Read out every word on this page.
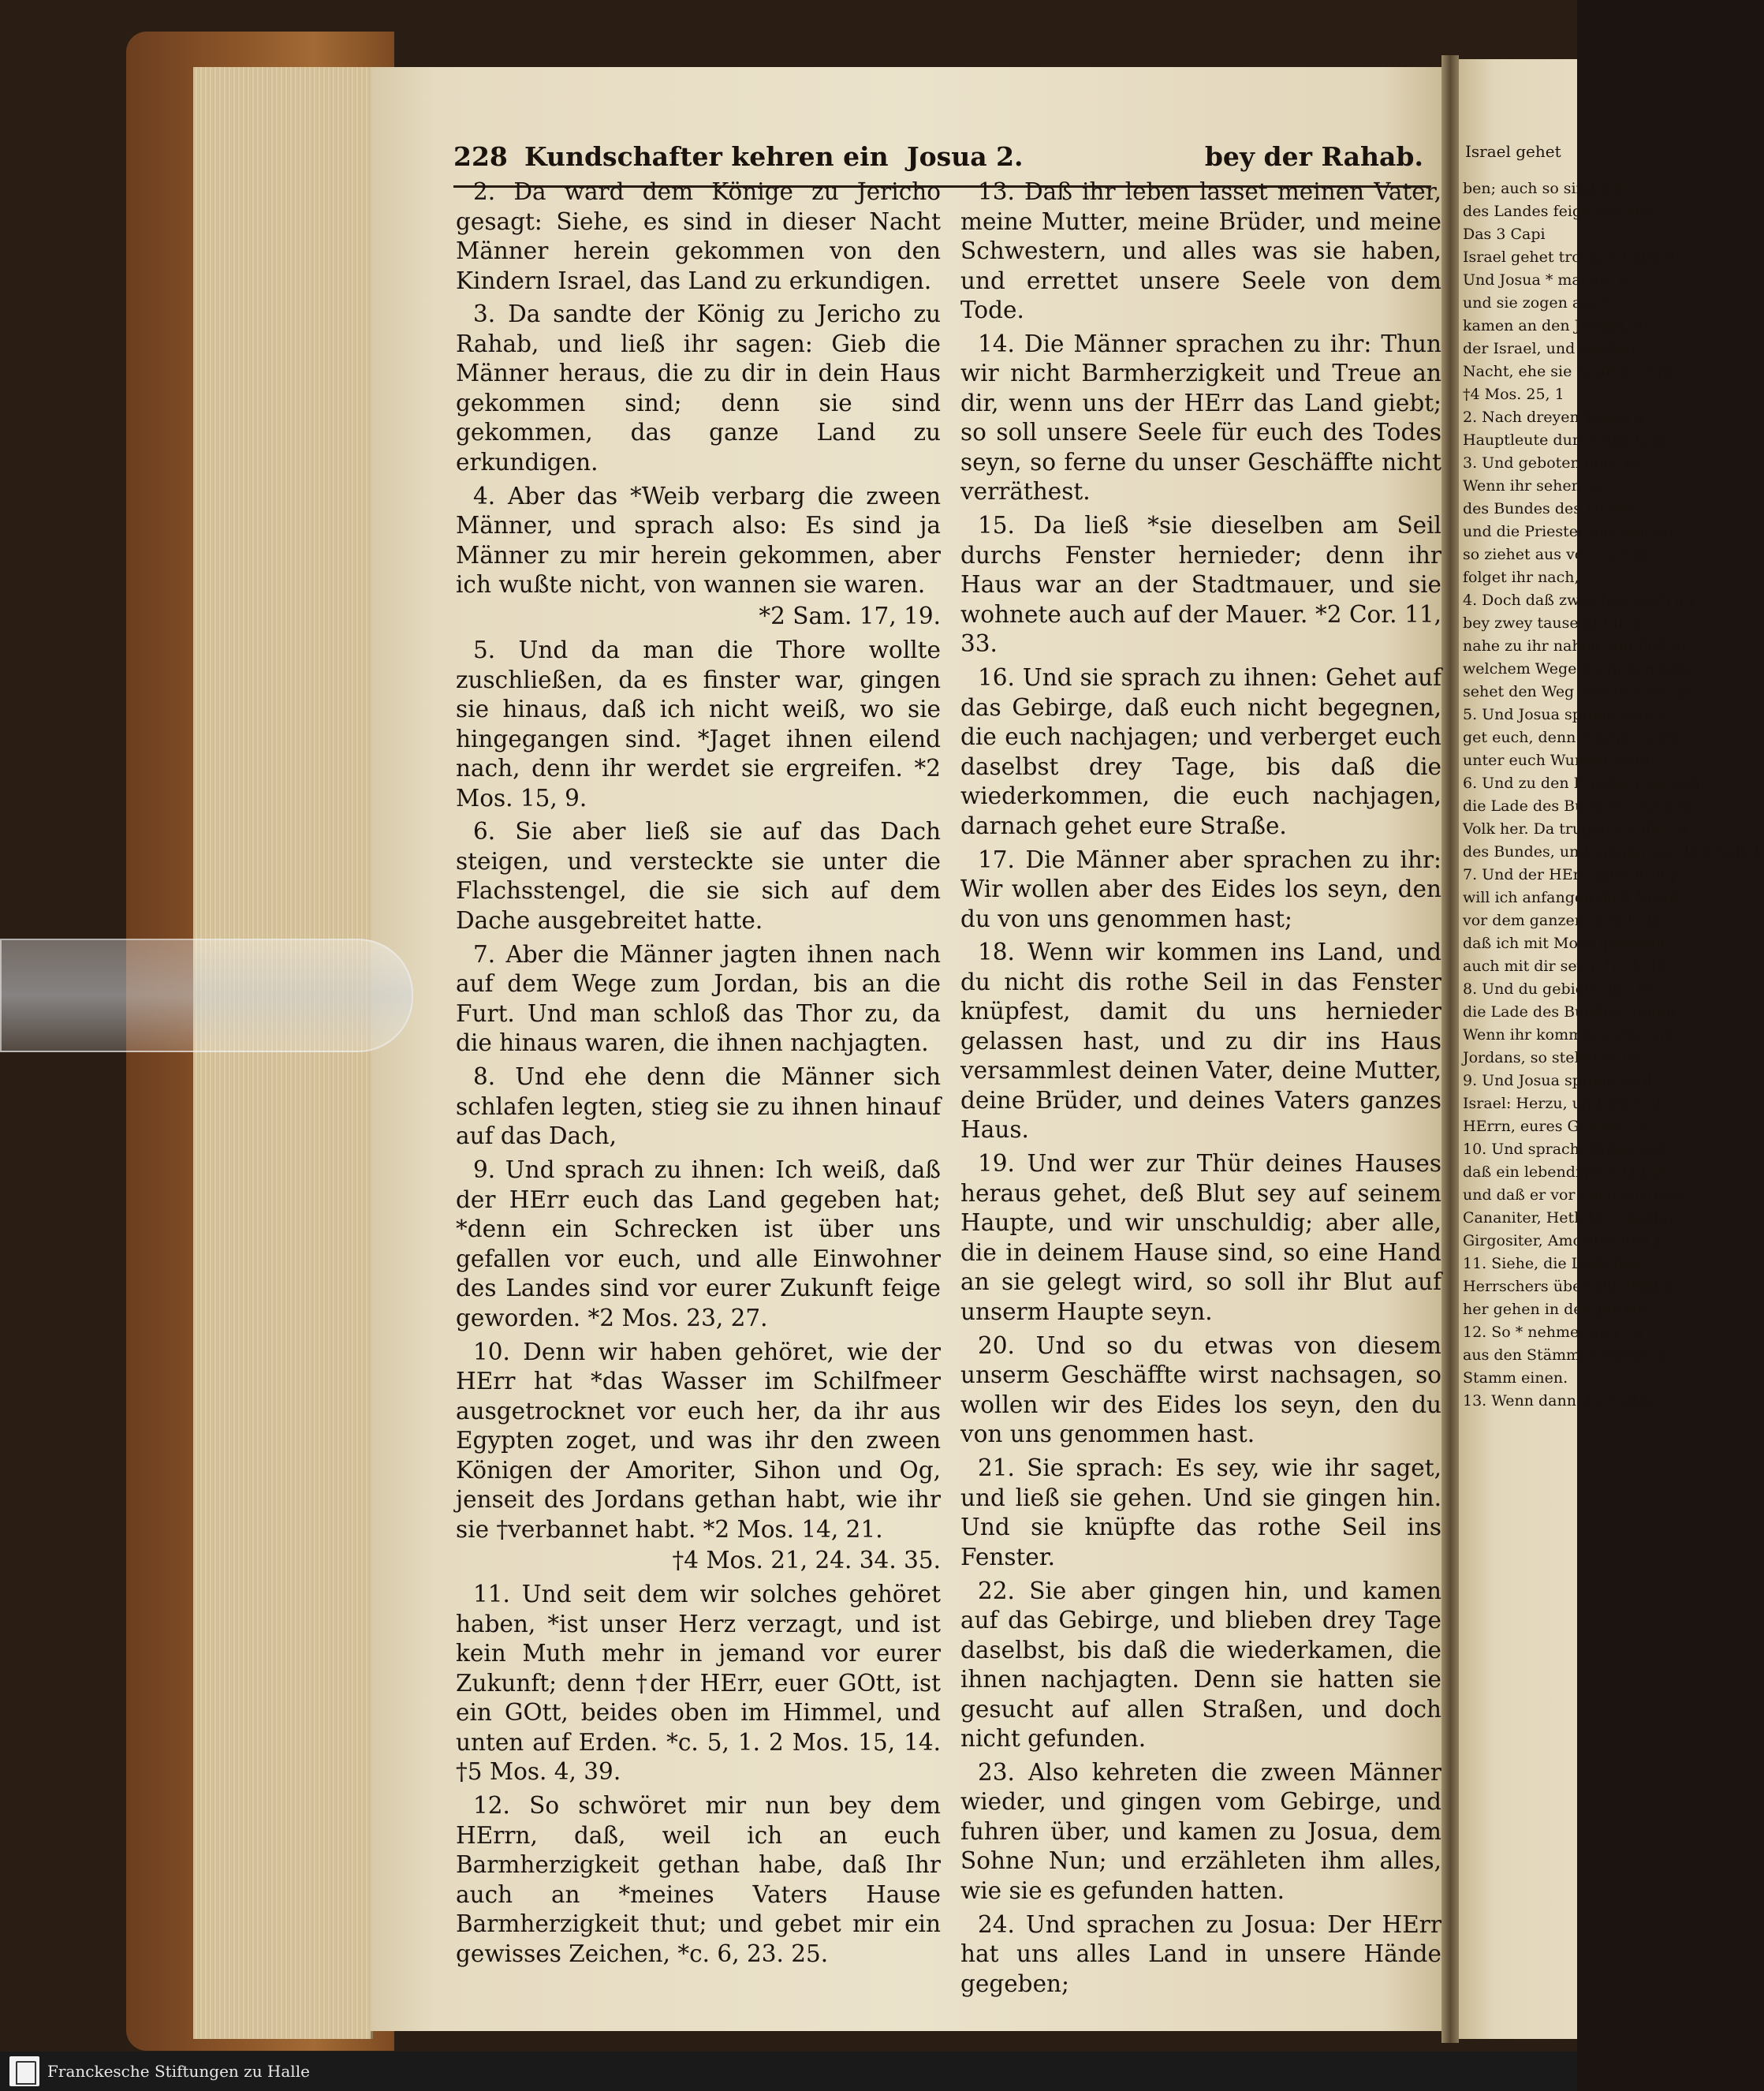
228 Kundschafter kehren ein Josua 2.	bey der Rahab.

2. Da ward dem Könige zu Jericho gesagt: Siehe, es sind in dieser Nacht Männer herein gekommen von den Kindern Israel, das Land zu erkundigen.

3. Da sandte der König zu Jericho zu Rahab, und ließ ihr sagen: Gieb die Männer heraus, die zu dir in dein Haus gekommen sind; denn sie sind gekommen, das ganze Land zu erkundigen.

4. Aber das *Weib verbarg die zween Männer, und sprach also: Es sind ja Männer zu mir herein gekommen, aber ich wußte nicht, von wannen sie waren.

*2 Sam. 17, 19.

5. Und da man die Thore wollte zuschließen, da es finster war, gingen sie hinaus, daß ich nicht weiß, wo sie hingegangen sind. *Jaget ihnen eilend nach, denn ihr werdet sie ergreifen. *2 Mos. 15, 9.

6. Sie aber ließ sie auf das Dach steigen, und versteckte sie unter die Flachsstengel, die sie sich auf dem Dache ausgebreitet hatte.

7. Aber die Männer jagten ihnen nach auf dem Wege zum Jordan, bis an die Furt. Und man schloß das Thor zu, da die hinaus waren, die ihnen nachjagten.

8. Und ehe denn die Männer sich schlafen legten, stieg sie zu ihnen hinauf auf das Dach,

9. Und sprach zu ihnen: Ich weiß, daß der HErr euch das Land gegeben hat; *denn ein Schrecken ist über uns gefallen vor euch, und alle Einwohner des Landes sind vor eurer Zukunft feige geworden. *2 Mos. 23, 27.

10. Denn wir haben gehöret, wie der HErr hat *das Wasser im Schilfmeer ausgetrocknet vor euch her, da ihr aus Egypten zoget, und was ihr den zween Königen der Amoriter, Sihon und Og, jenseit des Jordans gethan habt, wie ihr sie †verbannet habt. *2 Mos. 14, 21.

†4 Mos. 21, 24. 34. 35.

11. Und seit dem wir solches gehöret haben, *ist unser Herz verzagt, und ist kein Muth mehr in jemand vor eurer Zukunft; denn †der HErr, euer GOtt, ist ein GOtt, beides oben im Himmel, und unten auf Erden. *c. 5, 1. 2 Mos. 15, 14. †5 Mos. 4, 39.

12. So schwöret mir nun bey dem HErrn, daß, weil ich an euch Barmherzigkeit gethan habe, daß Ihr auch an *meines Vaters Hause Barmherzigkeit thut; und gebet mir ein gewisses Zeichen, *c. 6, 23. 25.

13. Daß ihr leben lasset meinen Vater, meine Mutter, meine Brüder, und meine Schwestern, und alles was sie haben, und errettet unsere Seele von dem Tode.

14. Die Männer sprachen zu ihr: Thun wir nicht Barmherzigkeit und Treue an dir, wenn uns der HErr das Land giebt; so soll unsere Seele für euch des Todes seyn, so ferne du unser Geschäffte nicht verräthest.

15. Da ließ *sie dieselben am Seil durchs Fenster hernieder; denn ihr Haus war an der Stadtmauer, und sie wohnete auch auf der Mauer. *2 Cor. 11, 33.

16. Und sie sprach zu ihnen: Gehet auf das Gebirge, daß euch nicht begegnen, die euch nachjagen; und verberget euch daselbst drey Tage, bis daß die wiederkommen, die euch nachjagen, darnach gehet eure Straße.

17. Die Männer aber sprachen zu ihr: Wir wollen aber des Eides los seyn, den du von uns genommen hast;

18. Wenn wir kommen ins Land, und du nicht dis rothe Seil in das Fenster knüpfest, damit du uns hernieder gelassen hast, und zu dir ins Haus versammlest deinen Vater, deine Mutter, deine Brüder, und deines Vaters ganzes Haus.

19. Und wer zur Thür deines Hauses heraus gehet, deß Blut sey auf seinem Haupte, und wir unschuldig; aber alle, die in deinem Hause sind, so eine Hand an sie gelegt wird, so soll ihr Blut auf unserm Haupte seyn.

20. Und so du etwas von diesem unserm Geschäffte wirst nachsagen, so wollen wir des Eides los seyn, den du von uns genommen hast.

21. Sie sprach: Es sey, wie ihr saget, und ließ sie gehen. Und sie gingen hin. Und sie knüpfte das rothe Seil ins Fenster.

22. Sie aber gingen hin, und kamen auf das Gebirge, und blieben drey Tage daselbst, bis daß die wiederkamen, die ihnen nachjagten. Denn sie hatten sie gesucht auf allen Straßen, und doch nicht gefunden.

23. Also kehreten die zween Männer wieder, und gingen vom Gebirge, und fuhren über, und kamen zu Josua, dem Sohne Nun; und erzähleten ihm alles, wie sie es gefunden hatten.

24. Und sprachen zu Josua: Der HErr hat uns alles Land in unsere Hände gegeben;

Israel gehet
ben; auch so sind alle
des Landes feige vor uns.
Das 3 Capi
Israel gehet trockne Fuße d
Und Josua * machte s
und sie zogen aus †
kamen an den Jordan, er
der Israel, und blieben
Nacht, ehe sie hinüber zoge
†4 Mos. 25, 1
2. Nach dreyen Tagen a
Hauptleute durch das Lage
3. Und geboten dem Vo
Wenn ihr sehen wer
des Bundes des HErrn, eu
und die Priester aus den Le
so ziehet aus von eurem
folget ihr nach,
4. Doch daß zwischen euch un
bey zwey tausend Ellen.
nahe zu ihr nahen, auf daß ih
welchem Wege ihr gehen sollet
sehet den Weg vorhin nicht ge
5. Und Josua sprach zum V
get euch, denn morgen wird
unter euch Wunder thun.
6. Und zu den Priestern sprach
die Lade des Bundes, und geh
Volk her. Da trugen sie die La
des Bundes, und gingen vor dem Volk h
7. Und der HErr sprach zu J
will ich anfangen dich *groß
vor dem ganzen Israel, da
daß ich mit Mose gewesen
auch mit dir seyn. *c. 4, 14.
8. Und du gebiete den Pr
die Lade des Bundes tragen,
Wenn ihr kommet vorne ins
Jordans, so stehet stille.
9. Und Josua sprach zu d
Israel: Herzu, und höret di
HErrn, eures GOttes! *2
10. Und sprach: Dabey soll
daß ein lebendiger GOtt un
und daß er vor euch austreib
Cananiter, Hethiter, Heviter
Girgositer, Amoriter und J
11. Siehe, die Lade des
Herrschers über alle Welt w
her gehen in den Jordan.
12. So * nehmet nun zw
aus den Stämmen Israel, a
Stamm einen.
13. Wenn dann die Fußso
Franckesche Stiftungen zu Halle
